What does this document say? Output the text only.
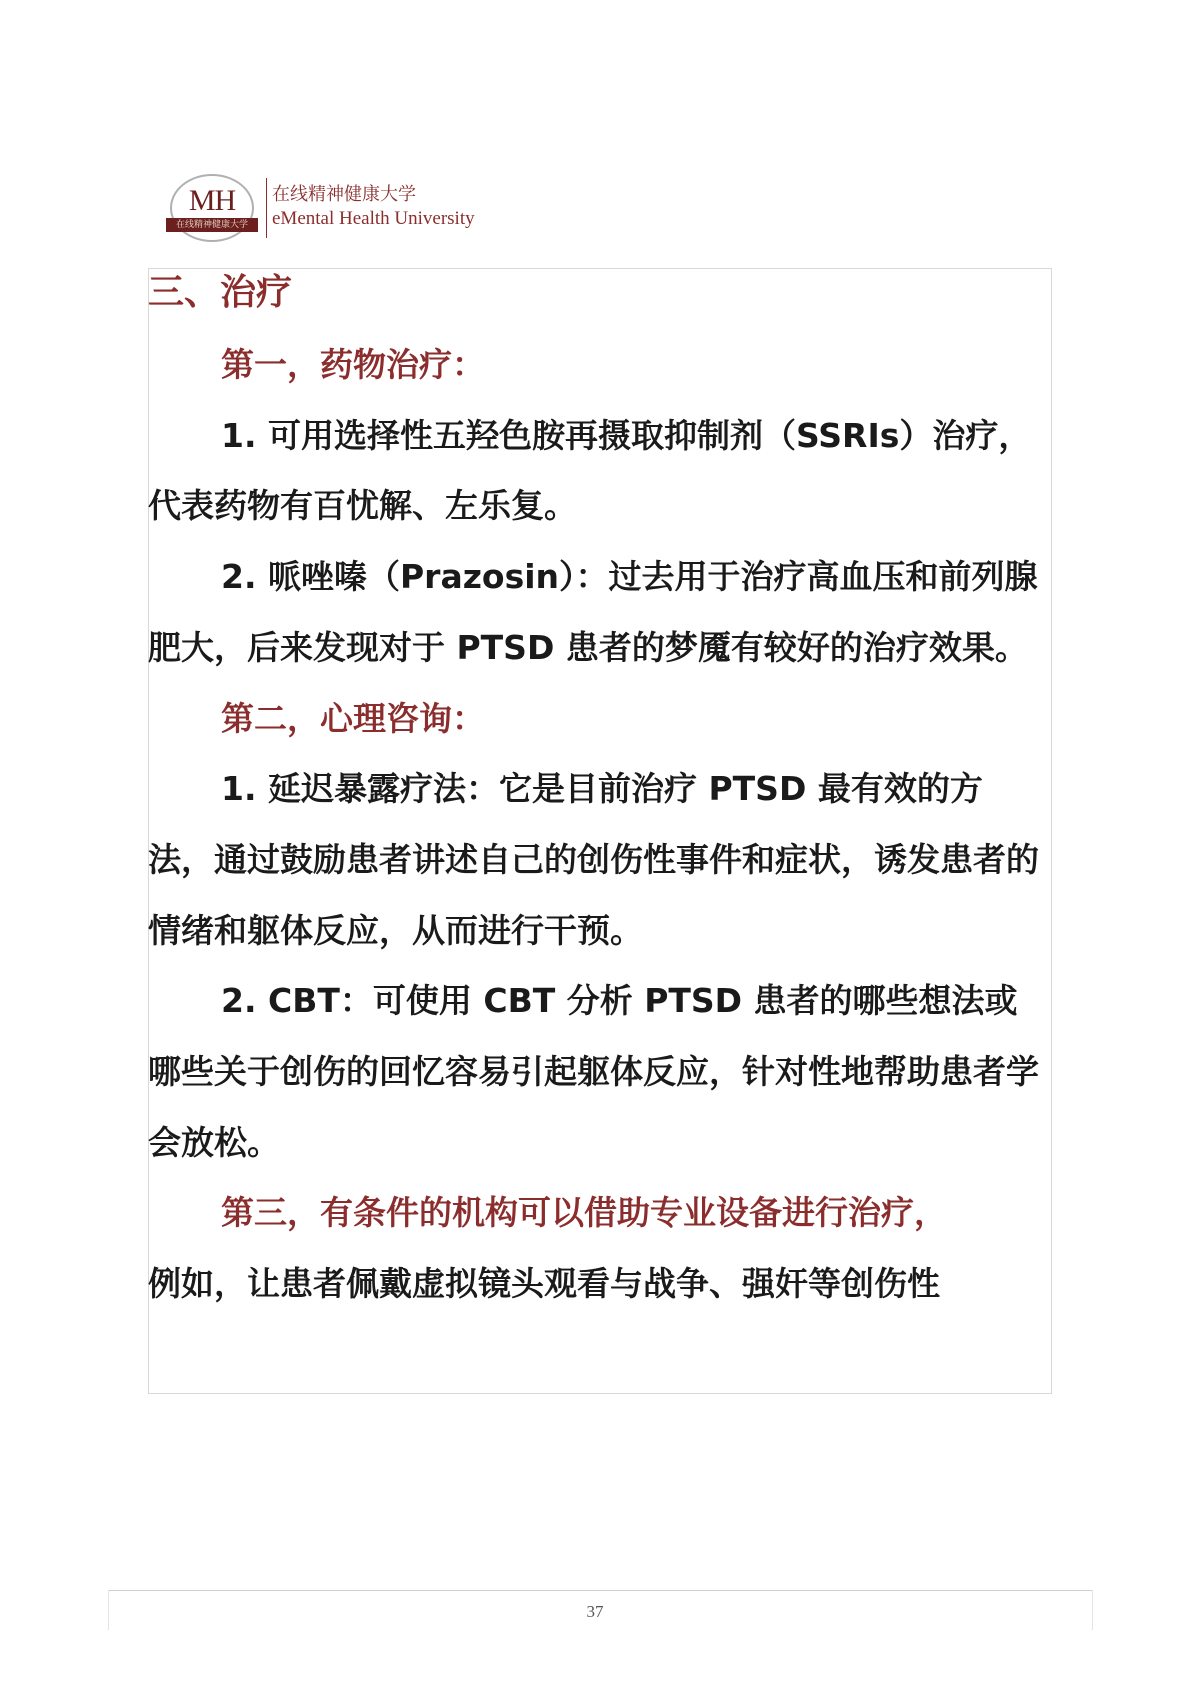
MH
在线精神健康大学
在线精神健康大学
eMental Health University
三、治疗

第一，药物治疗：

1. 可用选择性五羟色胺再摄取抑制剂（SSRIs）治疗，代表药物有百忧解、左乐复。

2. 哌唑嗪（Prazosin）：过去用于治疗高血压和前列腺肥大，后来发现对于 PTSD 患者的梦魇有较好的治疗效果。

第二，心理咨询：

1. 延迟暴露疗法：它是目前治疗 PTSD 最有效的方法，通过鼓励患者讲述自己的创伤性事件和症状，诱发患者的情绪和躯体反应，从而进行干预。

2. CBT：可使用 CBT 分析 PTSD 患者的哪些想法或哪些关于创伤的回忆容易引起躯体反应，针对性地帮助患者学会放松。

第三，有条件的机构可以借助专业设备进行治疗，

例如，让患者佩戴虚拟镜头观看与战争、强奸等创伤性

37
